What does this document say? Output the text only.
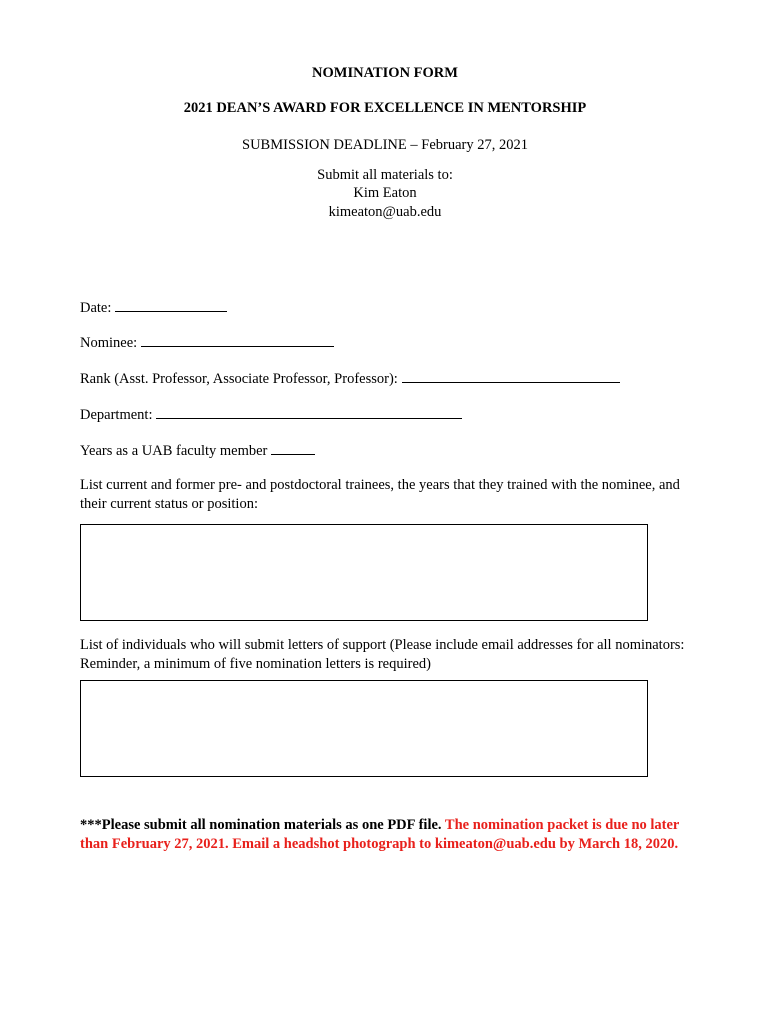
NOMINATION FORM
2021 DEAN’S AWARD FOR EXCELLENCE IN MENTORSHIP
SUBMISSION DEADLINE – February 27, 2021
Submit all materials to:
Kim Eaton
kimeaton@uab.edu
Date:
Nominee:
Rank (Asst. Professor, Associate Professor, Professor):
Department:
Years as a UAB faculty member
List current and former pre- and postdoctoral trainees, the years that they trained with the nominee, and their current status or position:
List of individuals who will submit letters of support (Please include email addresses for all nominators: Reminder, a minimum of five nomination letters is required)
***Please submit all nomination materials as one PDF file. The nomination packet is due no later than February 27, 2021. Email a headshot photograph to kimeaton@uab.edu by March 18, 2020.
